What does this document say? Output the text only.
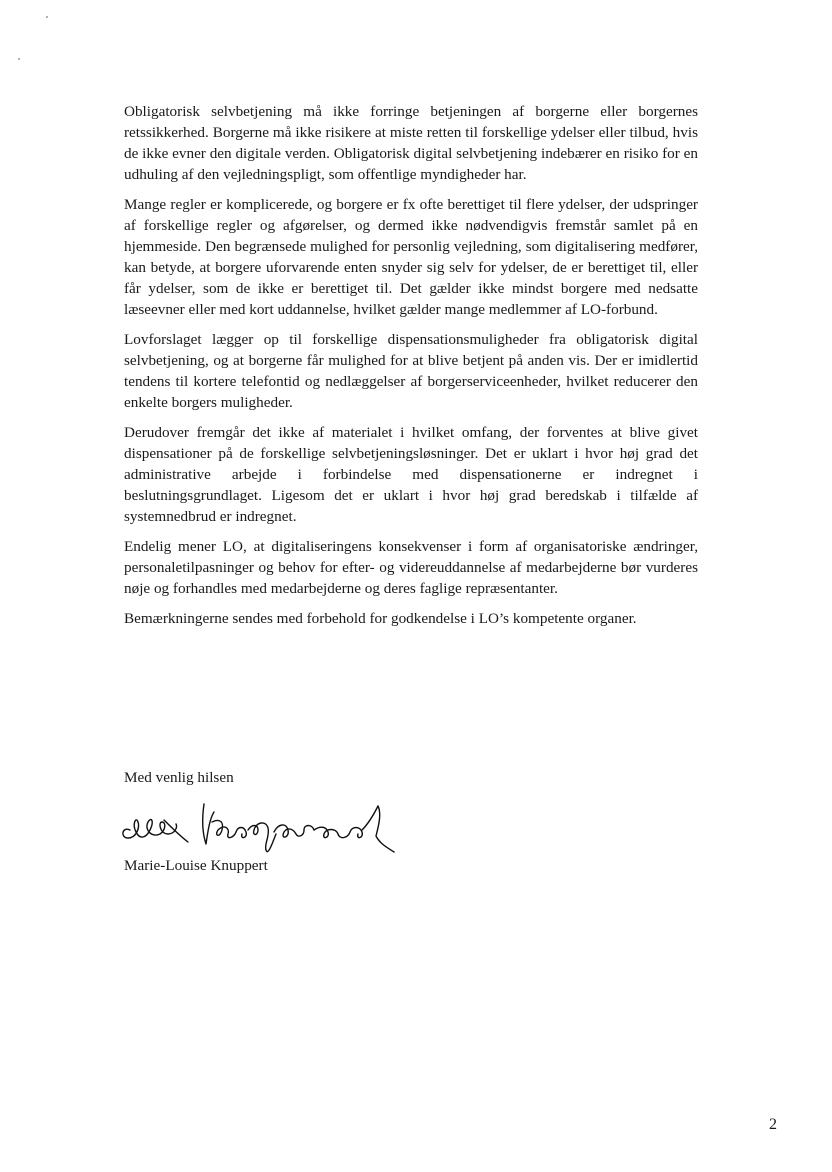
Obligatorisk selvbetjening må ikke forringe betjeningen af borgerne eller borgernes retssikkerhed. Borgerne må ikke risikere at miste retten til forskellige ydelser eller tilbud, hvis de ikke evner den digitale verden. Obligatorisk digital selvbetjening indebærer en risiko for en udhuling af den vejledningspligt, som offentlige myndigheder har.

Mange regler er komplicerede, og borgere er fx ofte berettiget til flere ydelser, der udspringer af forskellige regler og afgørelser, og dermed ikke nødvendigvis fremstår samlet på en hjemmeside. Den begrænsede mulighed for personlig vejledning, som digitalisering medfører, kan betyde, at borgere uforvarende enten snyder sig selv for ydelser, de er berettiget til, eller får ydelser, som de ikke er berettiget til. Det gælder ikke mindst borgere med nedsatte læseevner eller med kort uddannelse, hvilket gælder mange medlemmer af LO-forbund.

Lovforslaget lægger op til forskellige dispensationsmuligheder fra obligatorisk digital selvbetjening, og at borgerne får mulighed for at blive betjent på anden vis. Der er imidlertid tendens til kortere telefontid og nedlæggelser af borgerserviceenheder, hvilket reducerer den enkelte borgers muligheder.

Derudover fremgår det ikke af materialet i hvilket omfang, der forventes at blive givet dispensationer på de forskellige selvbetjeningsløsninger. Det er uklart i hvor høj grad det administrative arbejde i forbindelse med dispensationerne er indregnet i beslutningsgrundlaget. Ligesom det er uklart i hvor høj grad beredskab i tilfælde af systemnedbrud er indregnet.

Endelig mener LO, at digitaliseringens konsekvenser i form af organisatoriske ændringer, personaletilpasninger og behov for efter- og videreuddannelse af medarbejderne bør vurderes nøje og forhandles med medarbejderne og deres faglige repræsentanter.

Bemærkningerne sendes med forbehold for godkendelse i LO’s kompetente organer.

Med venlig hilsen
Marie-Louise Knuppert
2
